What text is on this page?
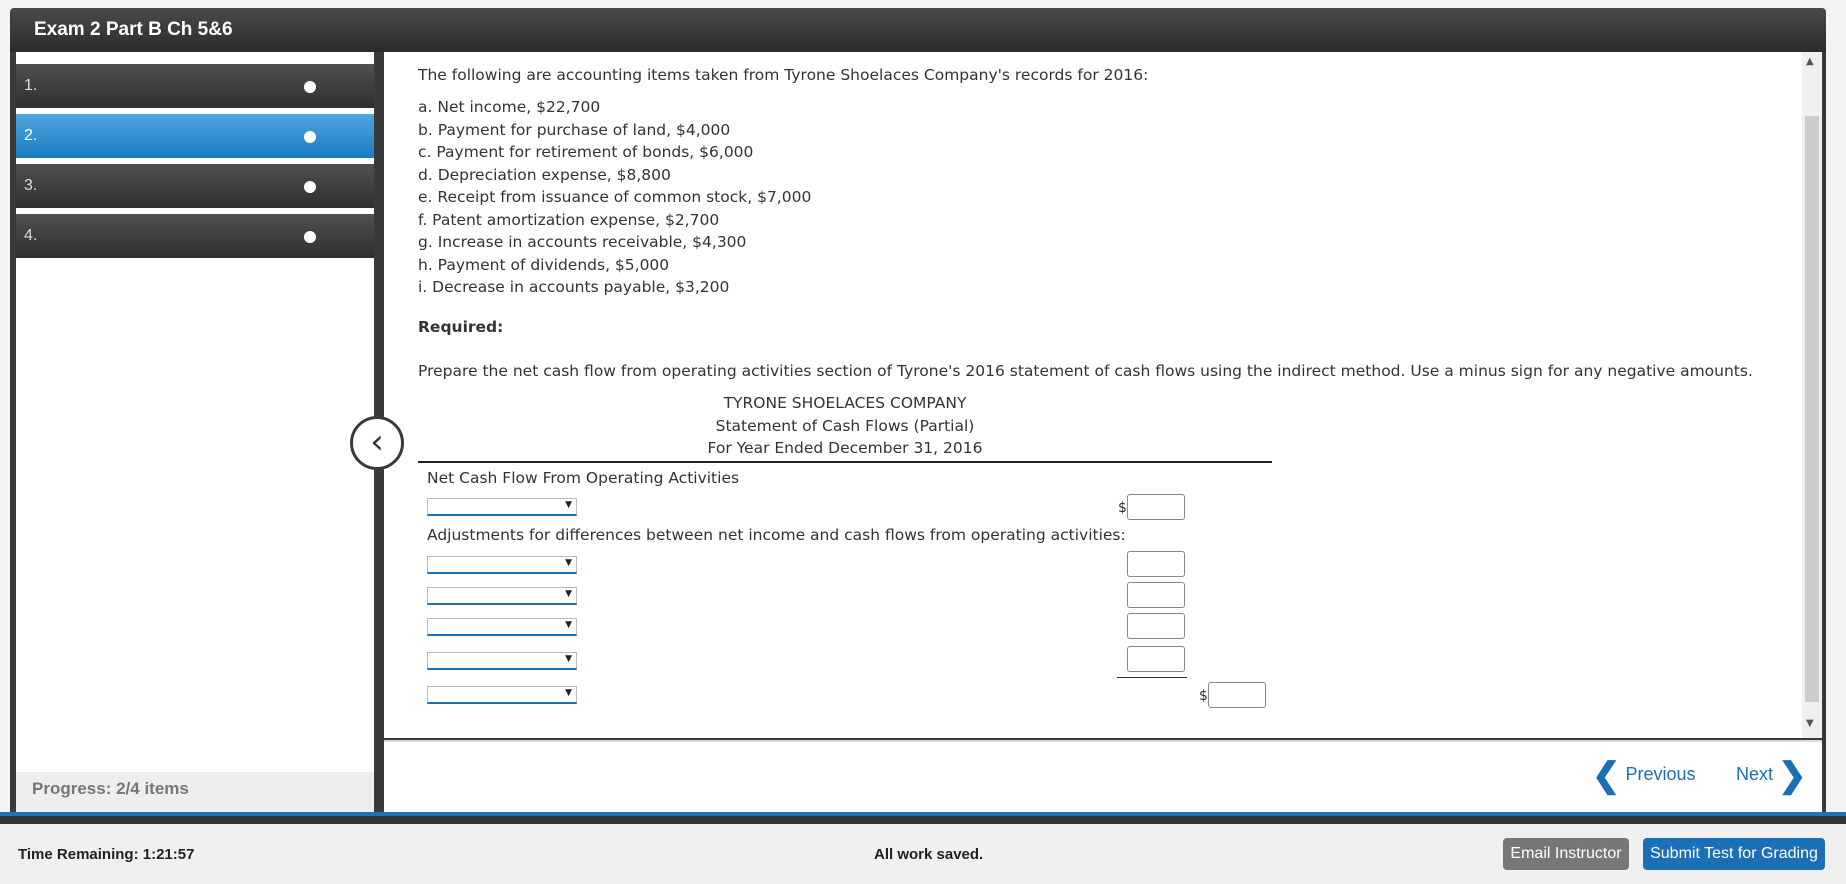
Exam 2 Part B Ch 5&6
1.
2.
3.
4.
Progress: 2/4 items
The following are accounting items taken from Tyrone Shoelaces Company's records for 2016:
a. Net income, $22,700
b. Payment for purchase of land, $4,000
c. Payment for retirement of bonds, $6,000
d. Depreciation expense, $8,800
e. Receipt from issuance of common stock, $7,000
f. Patent amortization expense, $2,700
g. Increase in accounts receivable, $4,300
h. Payment of dividends, $5,000
i. Decrease in accounts payable, $3,200
Required:
Prepare the net cash flow from operating activities section of Tyrone's 2016 statement of cash flows using the indirect method. Use a minus sign for any negative amounts.
TYRONE SHOELACES COMPANY
Statement of Cash Flows (Partial)
For Year Ended December 31, 2016
Net Cash Flow From Operating Activities
▼	$
Adjustments for differences between net income and cash flows from operating activities:
▼
▼
▼
▼
▼	$
▲
▼
‹
❮ Previous Next ❯
Time Remaining: 1:21:57	All work saved.	Email Instructor	Submit Test for Grading
